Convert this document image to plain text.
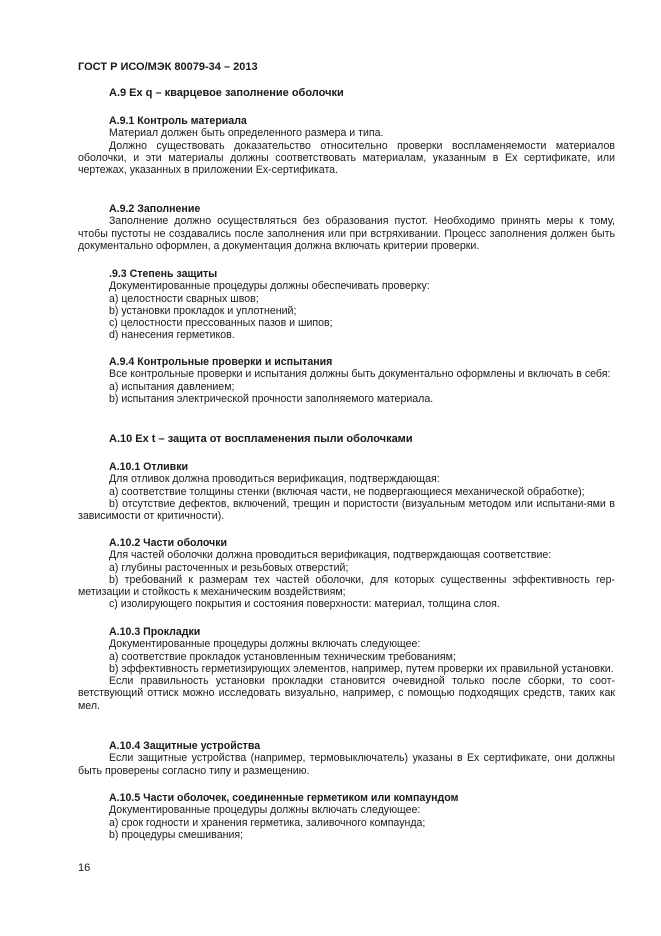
ГОСТ Р ИСО/МЭК 80079-34 – 2013
А.9 Ex q – кварцевое заполнение оболочки
А.9.1 Контроль материала
Материал должен быть определенного размера и типа.
Должно существовать доказательство относительно проверки воспламеняемости материалов оболочки, и эти материалы должны соответствовать материалам, указанным в Ех сертификате, или чертежах, указанных в приложении Ех-сертификата.
А.9.2 Заполнение
Заполнение должно осуществляться без образования пустот. Необходимо принять меры к тому, чтобы пустоты не создавались после заполнения или при встряхивании. Процесс заполнения должен быть документально оформлен, а документация должна включать критерии проверки.
.9.3 Степень защиты
Документированные процедуры должны обеспечивать проверку:
а) целостности сварных швов;
b) установки прокладок и уплотнений;
c) целостности прессованных пазов и шипов;
d) нанесения герметиков.
А.9.4 Контрольные проверки и испытания
Все контрольные проверки и испытания должны быть документально оформлены и включать в себя:
а) испытания давлением;
b) испытания электрической прочности заполняемого материала.
А.10 Ex t – защита от воспламенения пыли оболочками
А.10.1 Отливки
Для отливок должна проводиться верификация, подтверждающая:
а) соответствие толщины стенки (включая части, не подвергающиеся механической обработке);
b) отсутствие дефектов, включений, трещин и пористости (визуальным методом или испытани-ями в зависимости от критичности).
А.10.2 Части оболочки
Для частей оболочки должна проводиться верификация, подтверждающая соответствие:
а) глубины расточенных и резьбовых отверстий;
b) требований к размерам тех частей оболочки, для которых существенны эффективность гер-метизации и стойкость к механическим воздействиям;
c) изолирующего покрытия и состояния поверхности: материал, толщина слоя.
А.10.3 Прокладки
Документированные процедуры должны включать следующее:
а) соответствие прокладок установленным техническим требованиям;
b) эффективность герметизирующих элементов, например, путем проверки их правильной установки.
Если правильность установки прокладки становится очевидной только после сборки, то соот-ветствующий оттиск можно исследовать визуально, например, с помощью подходящих средств, таких как мел.
А.10.4 Защитные устройства
Если защитные устройства (например, термовыключатель) указаны в Ех сертификате, они должны быть проверены согласно типу и размещению.
А.10.5 Части оболочек, соединенные герметиком или компаундом
Документированные процедуры должны включать следующее:
а) срок годности и хранения герметика, заливочного компаунда;
b) процедуры смешивания;
16
